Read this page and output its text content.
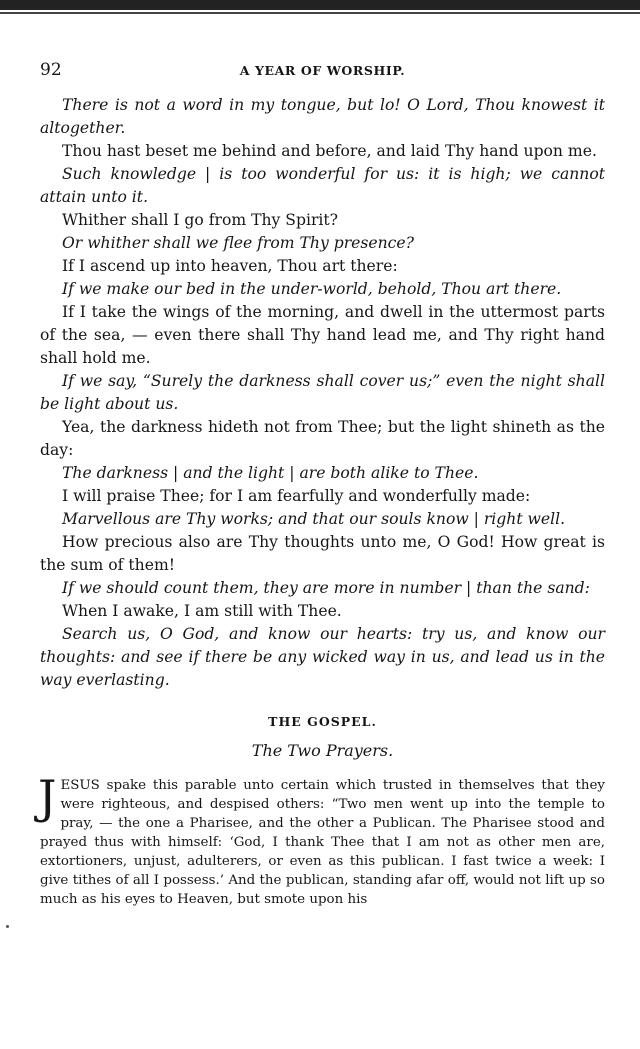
92	A YEAR OF WORSHIP.

There is not a word in my tongue, but lo! O Lord, Thou knowest it altogether.

Thou hast beset me behind and before, and laid Thy hand upon me.

Such knowledge | is too wonderful for us: it is high; we cannot attain unto it.

Whither shall I go from Thy Spirit?

Or whither shall we flee from Thy presence?

If I ascend up into heaven, Thou art there:

If we make our bed in the under-world, behold, Thou art there.

If I take the wings of the morning, and dwell in the uttermost parts of the sea, — even there shall Thy hand lead me, and Thy right hand shall hold me.

If we say, “Surely the darkness shall cover us;” even the night shall be light about us.

Yea, the darkness hideth not from Thee; but the light shineth as the day:

The darkness | and the light | are both alike to Thee.

I will praise Thee; for I am fearfully and wonderfully made:

Marvellous are Thy works; and that our souls know | right well.

How precious also are Thy thoughts unto me, O God! How great is the sum of them!

If we should count them, they are more in number | than the sand:

When I awake, I am still with Thee.

Search us, O God, and know our hearts: try us, and know our thoughts: and see if there be any wicked way in us, and lead us in the way everlasting.

THE GOSPEL.
The Two Prayers.
J ESUS spake this parable unto certain which trusted in themselves that they were righteous, and despised others: “Two men went up into the temple to pray, — the one a Pharisee, and the other a Publican. The Pharisee stood and prayed thus with himself: ‘God, I thank Thee that I am not as other men are, extortioners, unjust, adulterers, or even as this publican. I fast twice a week: I give tithes of all I possess.’ And the publican, standing afar off, would not lift up so much as his eyes to Heaven, but smote upon his
